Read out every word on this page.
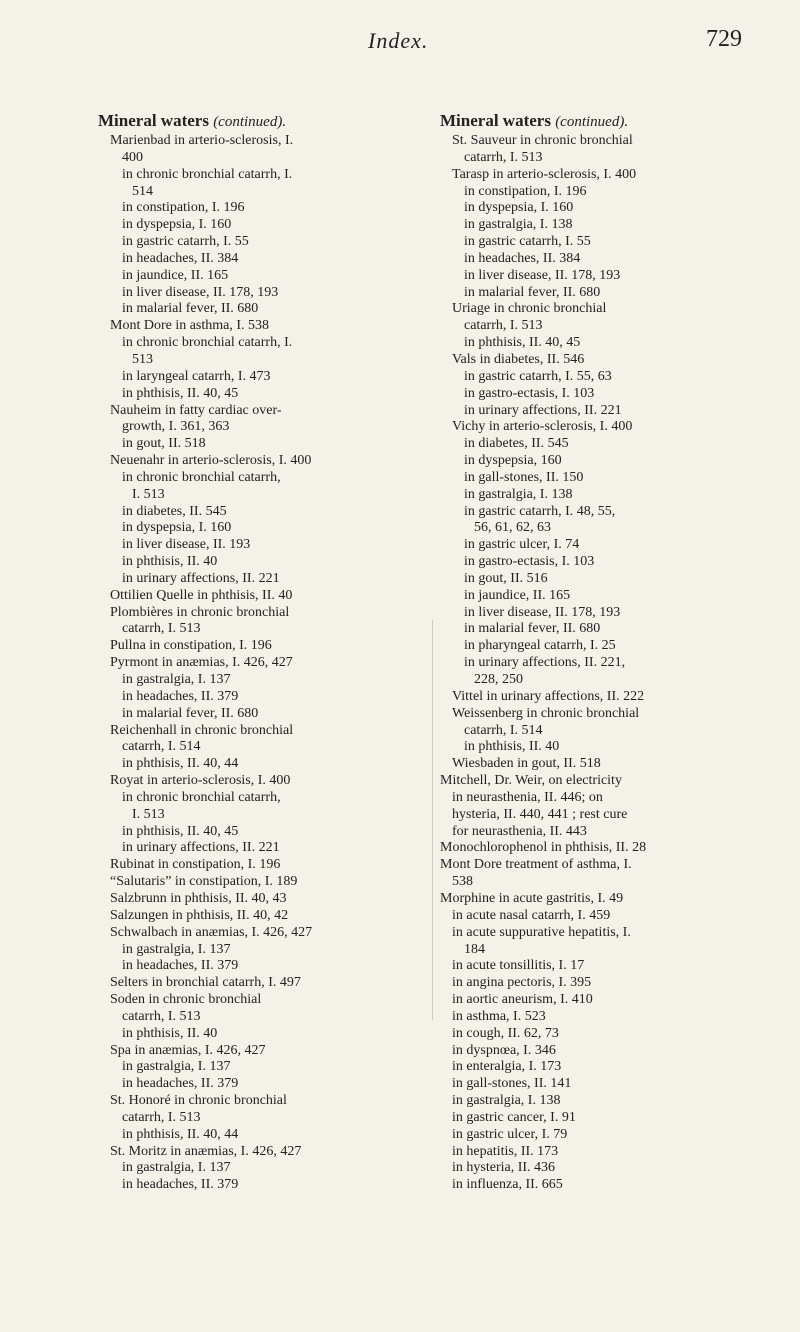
Index.	729
Mineral waters (continued).
Marienbad in arterio-sclerosis, I.
400
in chronic bronchial catarrh, I.
514
in constipation, I. 196
in dyspepsia, I. 160
in gastric catarrh, I. 55
in headaches, II. 384
in jaundice, II. 165
in liver disease, II. 178, 193
in malarial fever, II. 680
Mont Dore in asthma, I. 538
in chronic bronchial catarrh, I.
513
in laryngeal catarrh, I. 473
in phthisis, II. 40, 45
Nauheim in fatty cardiac over-
growth, I. 361, 363
in gout, II. 518
Neuenahr in arterio-sclerosis, I. 400
in chronic bronchial catarrh,
I. 513
in diabetes, II. 545
in dyspepsia, I. 160
in liver disease, II. 193
in phthisis, II. 40
in urinary affections, II. 221
Ottilien Quelle in phthisis, II. 40
Plombières in chronic bronchial
catarrh, I. 513
Pullna in constipation, I. 196
Pyrmont in anæmias, I. 426, 427
in gastralgia, I. 137
in headaches, II. 379
in malarial fever, II. 680
Reichenhall in chronic bronchial
catarrh, I. 514
in phthisis, II. 40, 44
Royat in arterio-sclerosis, I. 400
in chronic bronchial catarrh,
I. 513
in phthisis, II. 40, 45
in urinary affections, II. 221
Rubinat in constipation, I. 196
“Salutaris” in constipation, I. 189
Salzbrunn in phthisis, II. 40, 43
Salzungen in phthisis, II. 40, 42
Schwalbach in anæmias, I. 426, 427
in gastralgia, I. 137
in headaches, II. 379
Selters in bronchial catarrh, I. 497
Soden in chronic bronchial
catarrh, I. 513
in phthisis, II. 40
Spa in anæmias, I. 426, 427
in gastralgia, I. 137
in headaches, II. 379
St. Honoré in chronic bronchial
catarrh, I. 513
in phthisis, II. 40, 44
St. Moritz in anæmias, I. 426, 427
in gastralgia, I. 137
in headaches, II. 379
Mineral waters (continued).
St. Sauveur in chronic bronchial
catarrh, I. 513
Tarasp in arterio-sclerosis, I. 400
in constipation, I. 196
in dyspepsia, I. 160
in gastralgia, I. 138
in gastric catarrh, I. 55
in headaches, II. 384
in liver disease, II. 178, 193
in malarial fever, II. 680
Uriage in chronic bronchial
catarrh, I. 513
in phthisis, II. 40, 45
Vals in diabetes, II. 546
in gastric catarrh, I. 55, 63
in gastro-ectasis, I. 103
in urinary affections, II. 221
Vichy in arterio-sclerosis, I. 400
in diabetes, II. 545
in dyspepsia, 160
in gall-stones, II. 150
in gastralgia, I. 138
in gastric catarrh, I. 48, 55,
56, 61, 62, 63
in gastric ulcer, I. 74
in gastro-ectasis, I. 103
in gout, II. 516
in jaundice, II. 165
in liver disease, II. 178, 193
in malarial fever, II. 680
in pharyngeal catarrh, I. 25
in urinary affections, II. 221,
228, 250
Vittel in urinary affections, II. 222
Weissenberg in chronic bronchial
catarrh, I. 514
in phthisis, II. 40
Wiesbaden in gout, II. 518
Mitchell, Dr. Weir, on electricity
in neurasthenia, II. 446; on
hysteria, II. 440, 441 ; rest cure
for neurasthenia, II. 443
Monochlorophenol in phthisis, II. 28
Mont Dore treatment of asthma, I.
538
Morphine in acute gastritis, I. 49
in acute nasal catarrh, I. 459
in acute suppurative hepatitis, I.
184
in acute tonsillitis, I. 17
in angina pectoris, I. 395
in aortic aneurism, I. 410
in asthma, I. 523
in cough, II. 62, 73
in dyspnœa, I. 346
in enteralgia, I. 173
in gall-stones, II. 141
in gastralgia, I. 138
in gastric cancer, I. 91
in gastric ulcer, I. 79
in hepatitis, II. 173
in hysteria, II. 436
in influenza, II. 665
